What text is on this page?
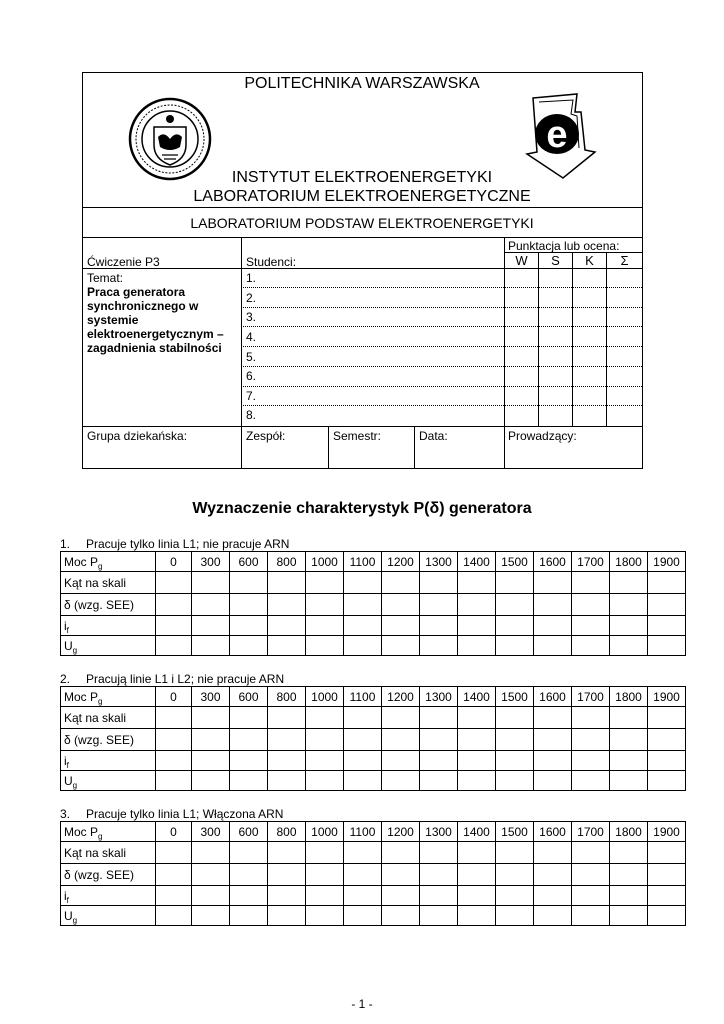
e
POLITECHNIKA WARSZAWSKA
INSTYTUT ELEKTROENERGETYKI
LABORATORIUM ELEKTROENERGETYCZNE
LABORATORIUM PODSTAW ELEKTROENERGETYKI
Ćwiczenie P3	Studenci:
Punktacja lub ocena:
W	S	K	Σ
Temat:
Praca generatora
synchronicznego w
systemie
elektroenergetycznym –
zagadnienia stabilności
1.
2.
3.
4.
5.
6.
7.
8.
Grupa dziekańska:	Zespół:	Semestr:	Data:	Prowadzący:
Wyznaczenie charakterystyk P(δ) generatora
1. Pracuje tylko linia L1; nie pracuje ARN
Moc $P_g$	0	300	600	800	1000	1100	1200	1300	1400	1500	1600	1700	1800	1900
Kąt na skali														
δ (wzg. SEE)														
$i_f$														
$U_g$														
2. Pracują linie L1 i L2; nie pracuje ARN
Moc $P_g$	0	300	600	800	1000	1100	1200	1300	1400	1500	1600	1700	1800	1900
Kąt na skali														
δ (wzg. SEE)														
$i_f$														
$U_g$														
3. Pracuje tylko linia L1; Włączona ARN
Moc $P_g$	0	300	600	800	1000	1100	1200	1300	1400	1500	1600	1700	1800	1900
Kąt na skali														
δ (wzg. SEE)														
$i_f$														
$U_g$														
- 1 -
